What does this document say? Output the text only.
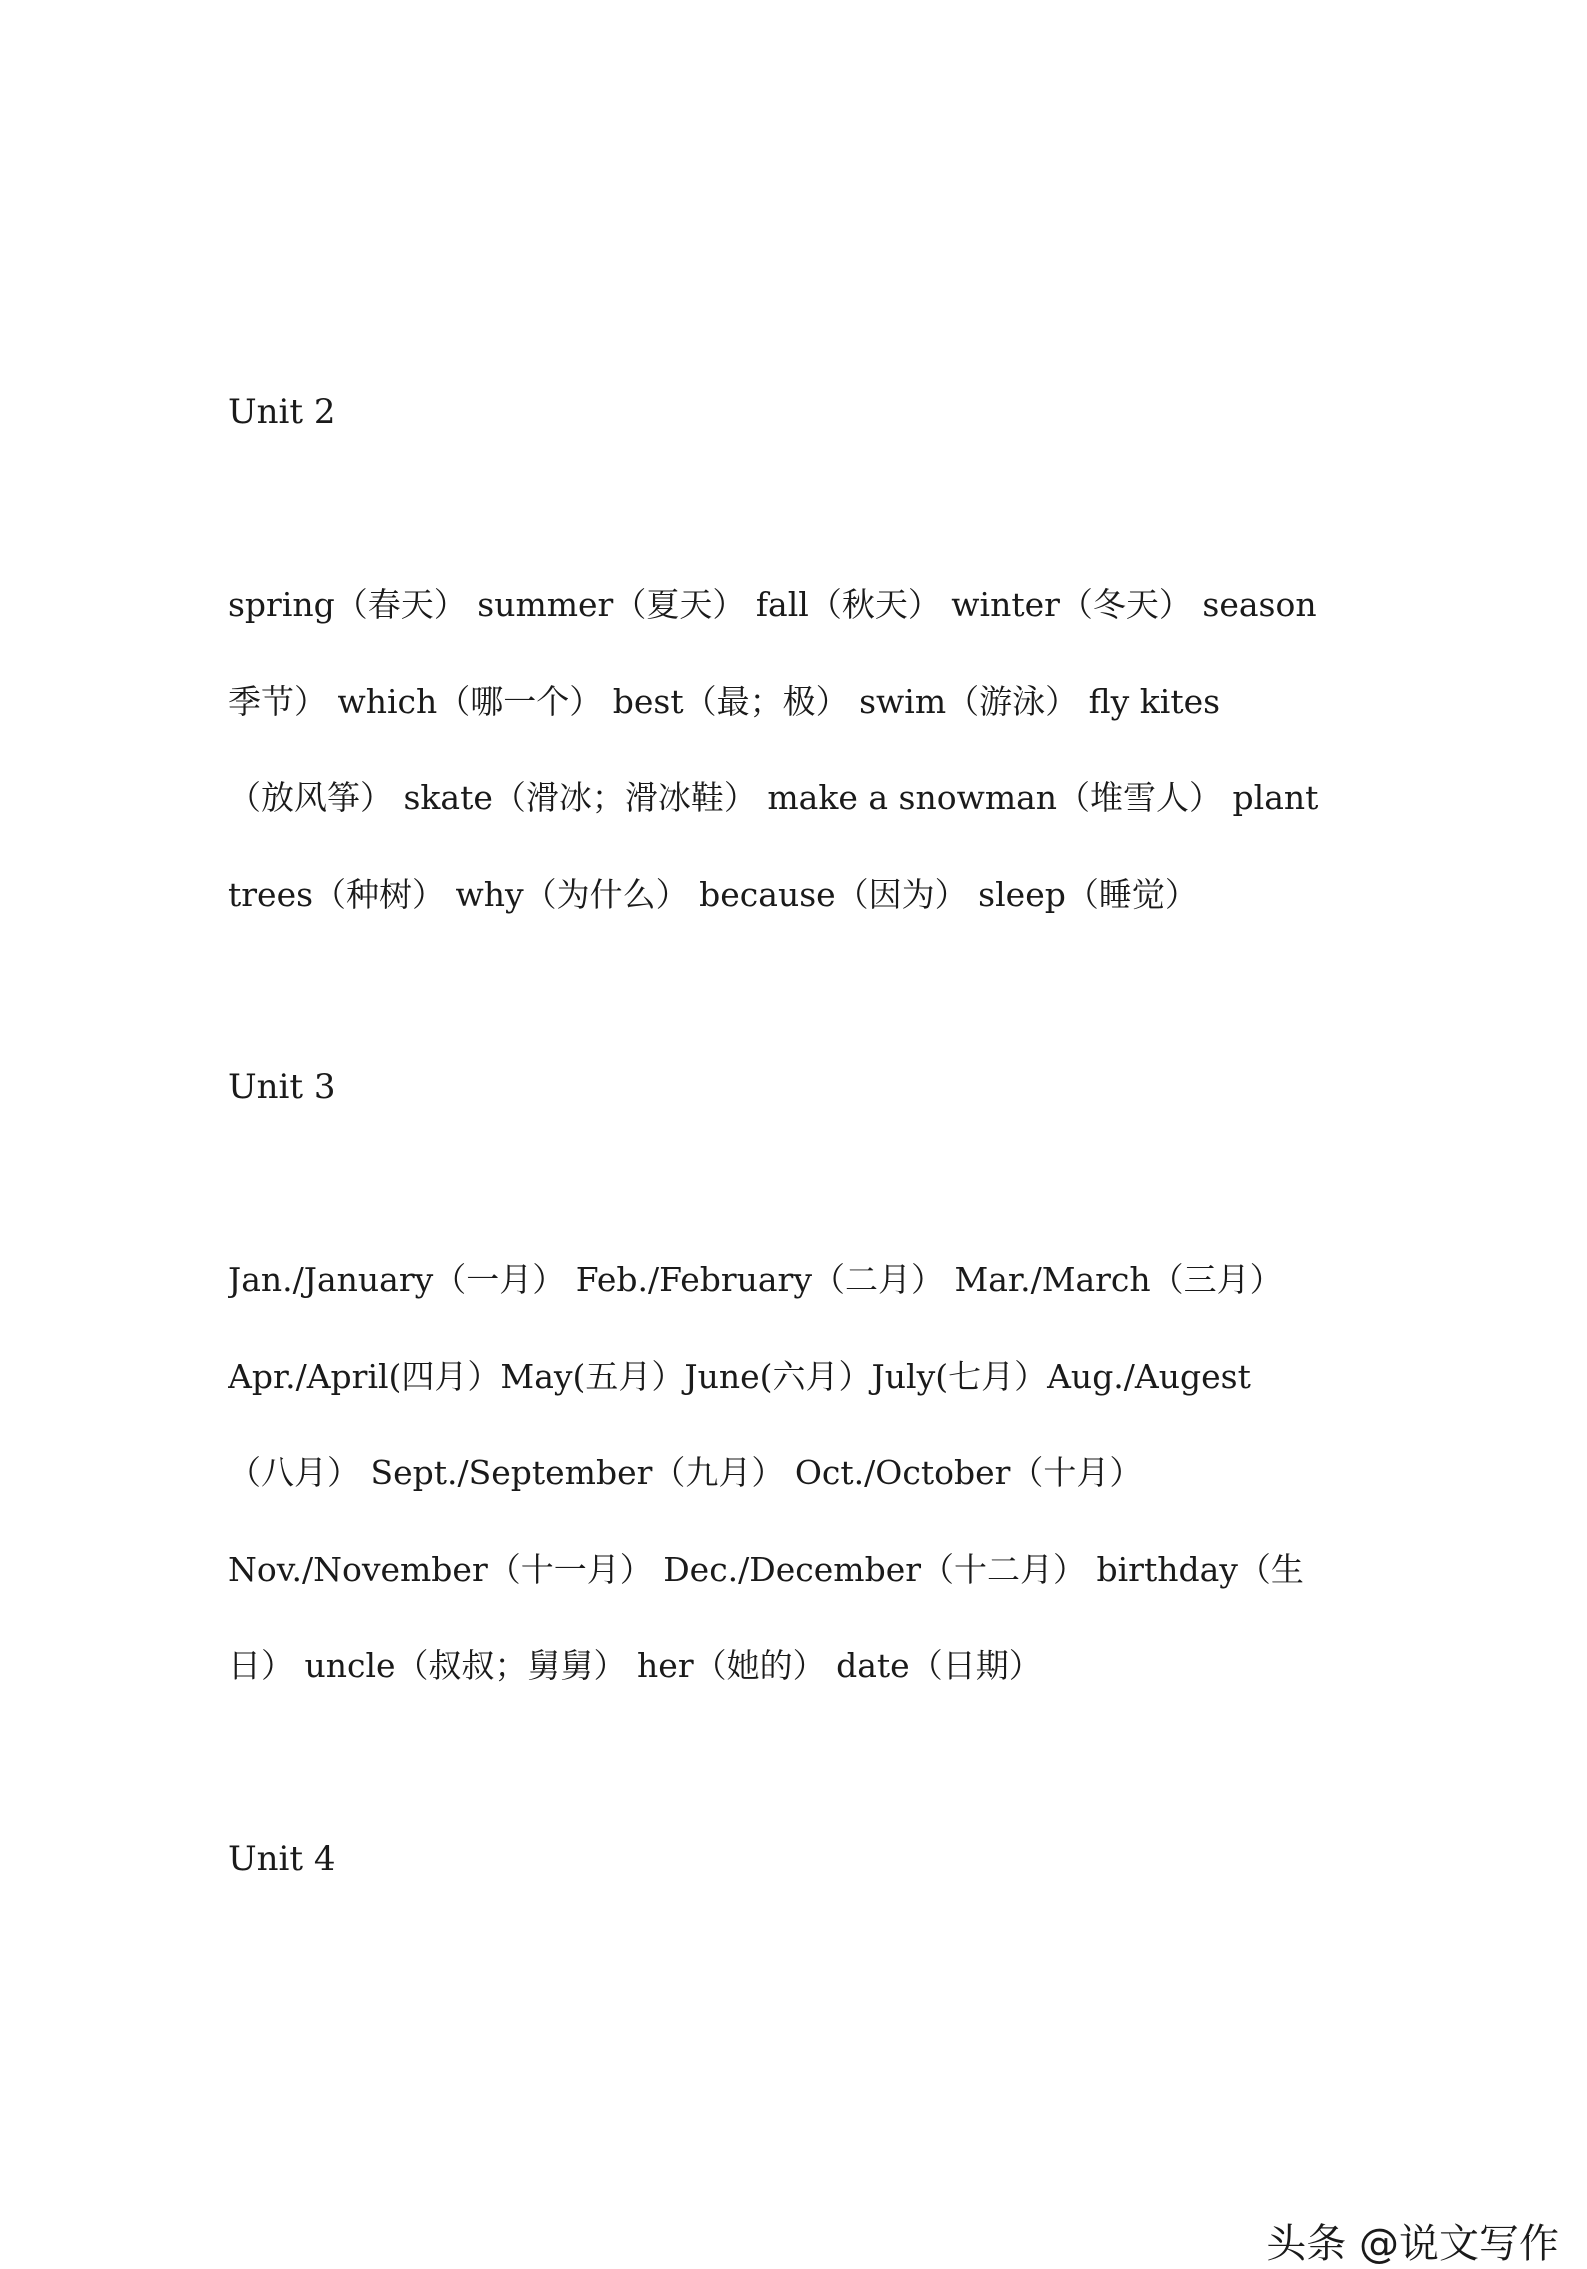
Unit 2
spring（春天） summer（夏天） fall（秋天） winter（冬天） season
季节） which（哪一个） best（最；极） swim（游泳） fly kites
（放风筝） skate（滑冰；滑冰鞋） make a snowman（堆雪人） plant
trees（种树） why（为什么） because（因为） sleep（睡觉）
Unit 3
Jan./January（一月） Feb./February（二月） Mar./March（三月）
Apr./April(四月）May(五月）June(六月）July(七月）Aug./Augest
（八月） Sept./September（九月） Oct./October（十月）
Nov./November（十一月） Dec./December（十二月） birthday（生
日） uncle（叔叔；舅舅） her（她的） date（日期）
Unit 4
头条 @说文写作
